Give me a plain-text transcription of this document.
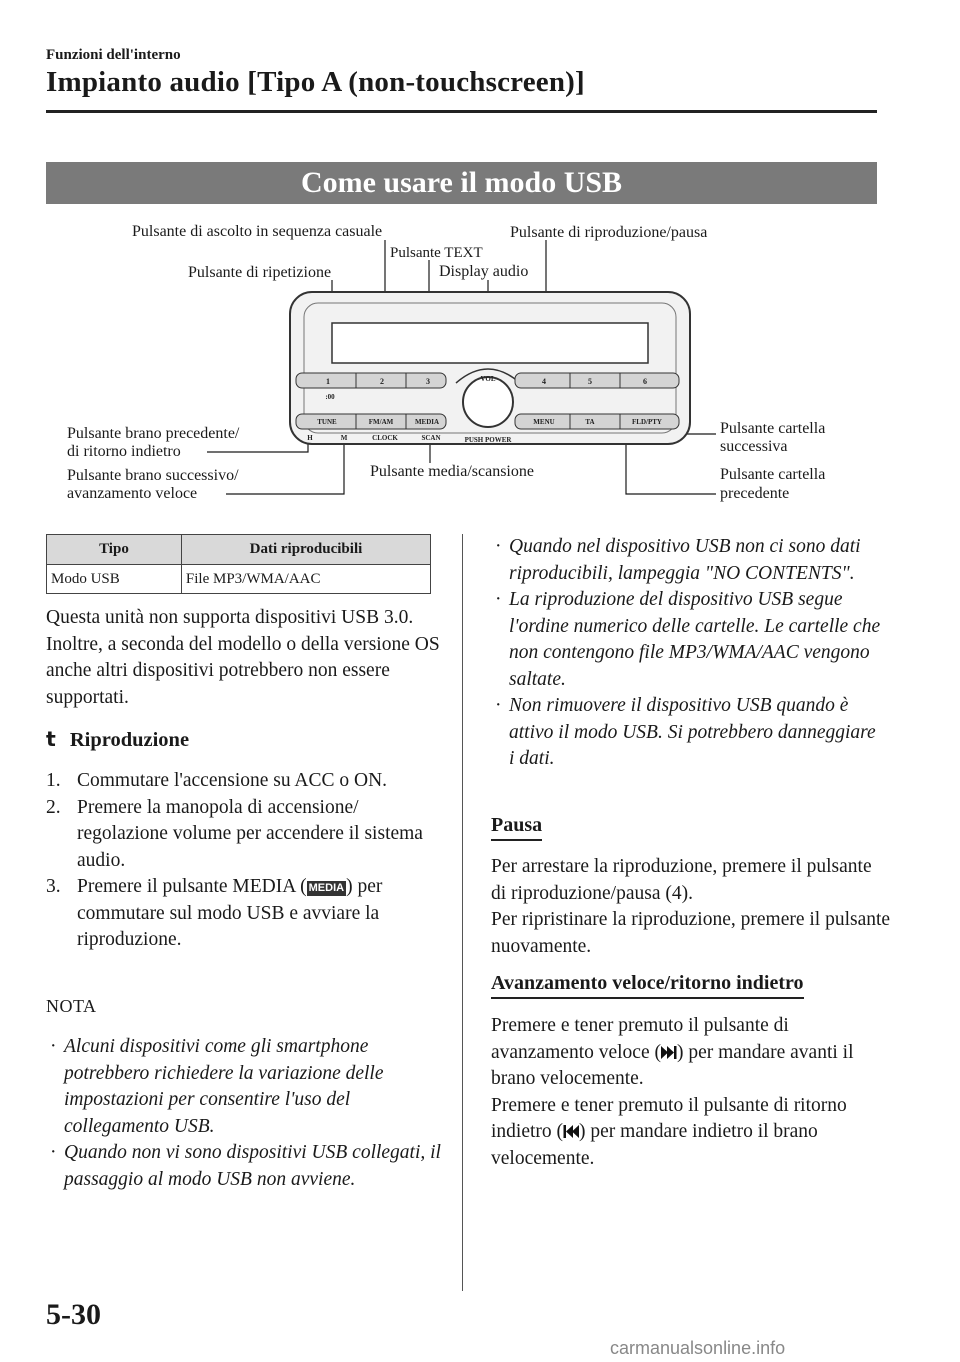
Funzioni dell'interno
Impianto audio [Tipo A (non-touchscreen)]
Come usare il modo USB
Pulsante di ascolto in sequenza casuale
Pulsante TEXT
Pulsante di riproduzione/pausa
Pulsante di ripetizione	Display audio
Pulsante brano precedente/
di ritorno indietro
Pulsante brano successivo/
avanzamento veloce
Pulsante media/scansione
Pulsante cartella
successiva
Pulsante cartella
precedente
1	2	3	4	5	6
:00
VOL
PUSH POWER
TUNE
H	M
FM/AM
CLOCK
MEDIA
SCAN
MENU	TA	FLD/PTY
Tipo	Dati riproducibili
Modo USB	File MP3/WMA/AAC
Questa unità non supporta dispositivi USB 3.0. Inoltre, a seconda del modello o della versione OS anche altri dispositivi potrebbero non essere supportati.
t Riproduzione
1. Commutare l'accensione su ACC o ON.
2. Premere la manopola di accensione/ regolazione volume per accendere il sistema audio.
3. Premere il pulsante MEDIA ( MEDIA ) per commutare sul modo USB e avviare la riproduzione.
NOTA
· Alcuni dispositivi come gli smartphone potrebbero richiedere la variazione delle impostazioni per consentire l'uso del collegamento USB.
· Quando non vi sono dispositivi USB collegati, il passaggio al modo USB non avviene.
· Quando nel dispositivo USB non ci sono dati riproducibili, lampeggia "NO CONTENTS".
· La riproduzione del dispositivo USB segue l'ordine numerico delle cartelle. Le cartelle che non contengono file MP3/WMA/AAC vengono saltate.
· Non rimuovere il dispositivo USB quando è attivo il modo USB. Si potrebbero danneggiare i dati.
Pausa
Per arrestare la riproduzione, premere il pulsante di riproduzione/pausa (4).
Per ripristinare la riproduzione, premere il pulsante nuovamente.
Avanzamento veloce/ritorno indietro
Premere e tener premuto il pulsante di avanzamento veloce ( ) per mandare avanti il brano velocemente.
Premere e tener premuto il pulsante di ritorno indietro ( ) per mandare indietro il brano velocemente.
5-30
carmanualsonline.info
